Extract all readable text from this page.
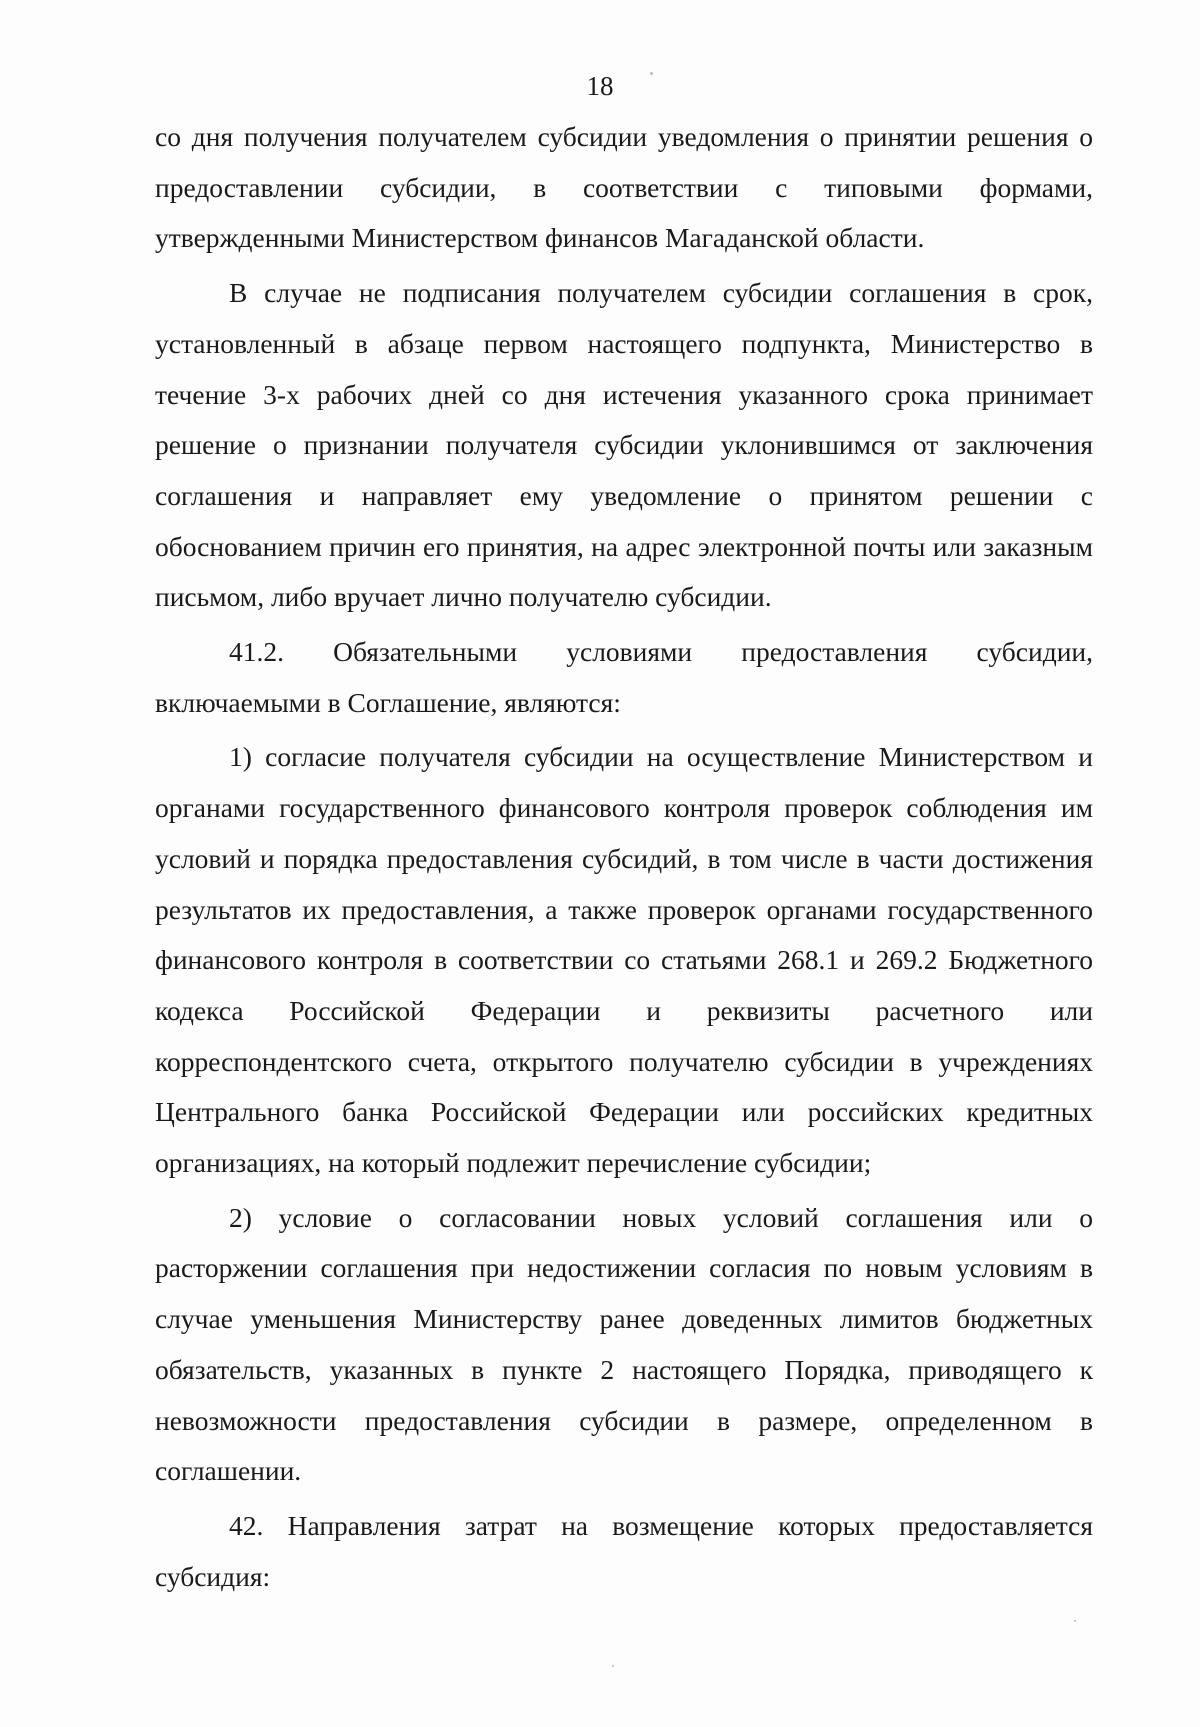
18

со дня получения получателем субсидии уведомления о принятии решения о предоставлении субсидии, в соответствии с типовыми формами, утвержденными Министерством финансов Магаданской области.

В случае не подписания получателем субсидии соглашения в срок, установленный в абзаце первом настоящего подпункта, Министерство в течение 3-х рабочих дней со дня истечения указанного срока принимает решение о признании получателя субсидии уклонившимся от заключения соглашения и направляет ему уведомление о принятом решении с обоснованием причин его принятия, на адрес электронной почты или заказным письмом, либо вручает лично получателю субсидии.

41.2. Обязательными условиями предоставления субсидии, включаемыми в Соглашение, являются:

1) согласие получателя субсидии на осуществление Министерством и органами государственного финансового контроля проверок соблюдения им условий и порядка предоставления субсидий, в том числе в части достижения результатов их предоставления, а также проверок органами государственного финансового контроля в соответствии со статьями 268.1 и 269.2 Бюджетного кодекса Российской Федерации и реквизиты расчетного или корреспондентского счета, открытого получателю субсидии в учреждениях Центрального банка Российской Федерации или российских кредитных организациях, на который подлежит перечисление субсидии;

2) условие о согласовании новых условий соглашения или о расторжении соглашения при недостижении согласия по новым условиям в случае уменьшения Министерству ранее доведенных лимитов бюджетных обязательств, указанных в пункте 2 настоящего Порядка, приводящего к невозможности предоставления субсидии в размере, определенном в соглашении.

42. Направления затрат на возмещение которых предоставляется субсидия:
